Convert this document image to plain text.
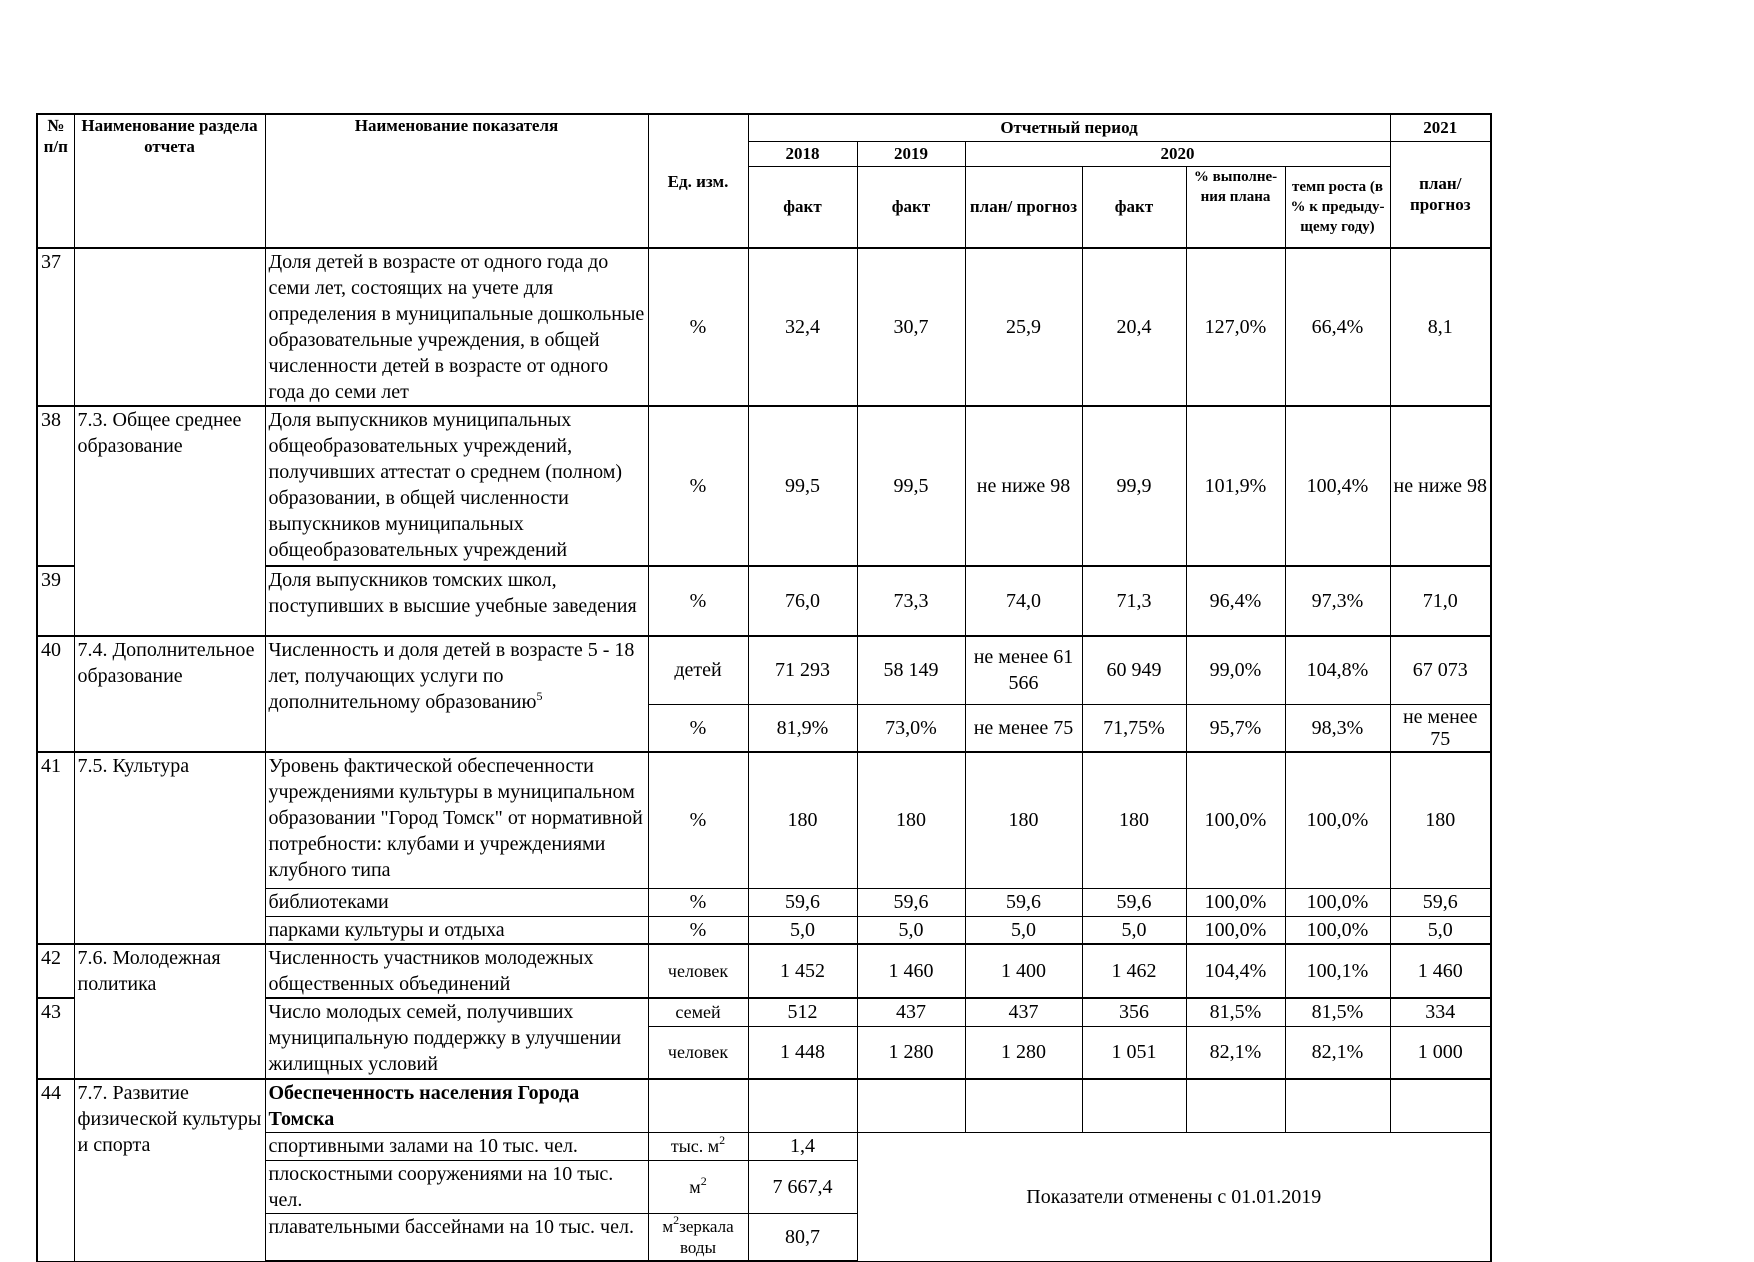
№ п/п	Наименование раздела отчета	Наименование показателя	Ед. изм.	Отчетный период						2021
				2018	2019	2020				план/ прогноз
				факт	факт	план/ прогноз	факт	% выполне-ния плана	темп роста (в % к предыду-щему году)	
37		Доля детей в возрасте от одного года до семи лет, состоящих на учете для определения в муниципальные дошкольные образовательные учреждения, в общей численности детей в возрасте от одного года до семи лет	%	32,4	30,7	25,9	20,4	127,0%	66,4%	8,1
38	7.3. Общее среднее образование	Доля выпускников муниципальных общеобразовательных учреждений, получивших аттестат о среднем (полном) образовании, в общей численности выпускников муниципальных общеобразовательных учреждений	%	99,5	99,5	не ниже 98	99,9	101,9%	100,4%	не ниже 98
39		Доля выпускников томских школ, поступивших в высшие учебные заведения	%	76,0	73,3	74,0	71,3	96,4%	97,3%	71,0
40	7.4. Дополнительное образование	Численность и доля детей в возрасте 5 - 18 лет, получающих услуги по дополнительному образованию$^5$	детей	71 293	58 149	не менее 61 566	60 949	99,0%	104,8%	67 073
			%	81,9%	73,0%	не менее 75	71,75%	95,7%	98,3%	не менее 75
41	7.5. Культура	Уровень фактической обеспеченности учреждениями культуры в муниципальном образовании "Город Томск" от нормативной потребности: клубами и учреждениями клубного типа	%	180	180	180	180	100,0%	100,0%	180
		библиотеками	%	59,6	59,6	59,6	59,6	100,0%	100,0%	59,6
		парками культуры и отдыха	%	5,0	5,0	5,0	5,0	100,0%	100,0%	5,0
42	7.6. Молодежная политика	Численность участников молодежных общественных объединений	человек	1 452	1 460	1 400	1 462	104,4%	100,1%	1 460
43		Число молодых семей, получивших муниципальную поддержку в улучшении жилищных условий	семей	512	437	437	356	81,5%	81,5%	334
			человек	1 448	1 280	1 280	1 051	82,1%	82,1%	1 000
44	7.7. Развитие физической культуры и спорта	Обеспеченность населения Города Томска								
		спортивными залами на 10 тыс. чел.	тыс. $м^2$	1,4	Показатели отменены с 01.01.2019					
		плоскостными сооружениями на 10 тыс. чел.	$м^2$	7 667,4						
		плавательными бассейнами на 10 тыс. чел.	$м^2зеркала$ воды	80,7						
